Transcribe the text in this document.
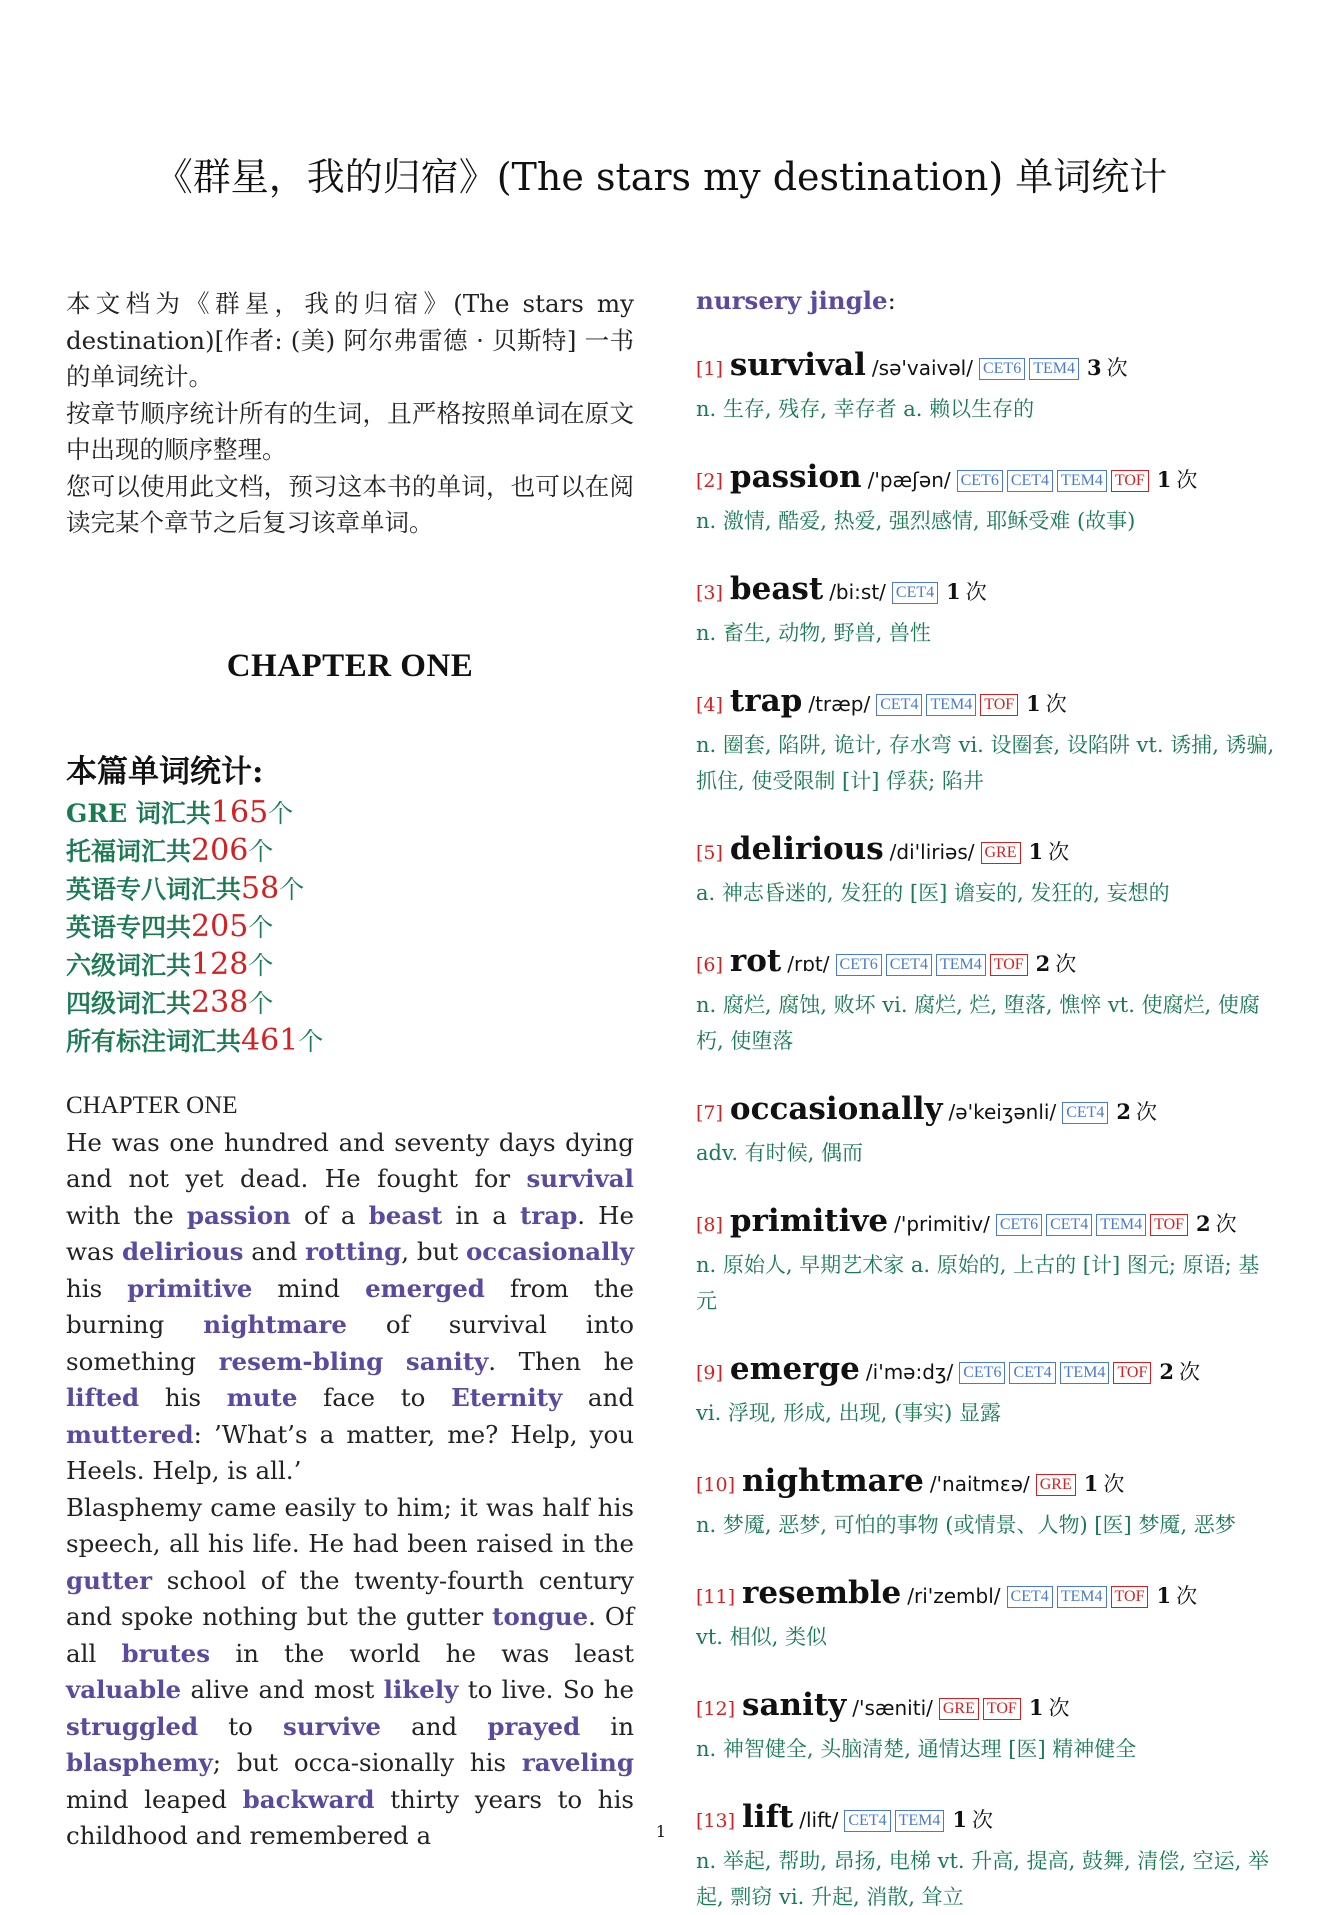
《群星，我的归宿》(The stars my destination) 单词统计

本文档为《群星，我的归宿》(The stars my destination)[作者: (美) 阿尔弗雷德 · 贝斯特] 一书的单词统计。

按章节顺序统计所有的生词，且严格按照单词在原文中出现的顺序整理。

您可以使用此文档，预习这本书的单词，也可以在阅读完某个章节之后复习该章单词。

CHAPTER ONE
本篇单词统计:
GRE 词汇共165个
托福词汇共206个
英语专八词汇共58个
英语专四共205个
六级词汇共128个
四级词汇共238个
所有标注词汇共461个
CHAPTER ONE

He was one hundred and seventy days dying and not yet dead. He fought for survival with the passion of a beast in a trap. He was delirious and rotting, but occasionally his primitive mind emerged from the burning nightmare of survival into something resem-bling sanity. Then he lifted his mute face to Eternity and muttered: ’What’s a matter, me? Help, you Heels. Help, is all.’

Blasphemy came easily to him; it was half his speech, all his life. He had been raised in the gutter school of the twenty-fourth century and spoke nothing but the gutter tongue. Of all brutes in the world he was least valuable alive and most likely to live. So he struggled to survive and prayed in blasphemy; but occa-sionally his raveling mind leaped backward thirty years to his childhood and remembered a

nursery jingle:
[1] survival /sə'vaivəl/ CET6 TEM4 3 次
n. 生存, 残存, 幸存者 a. 赖以生存的
[2] passion /'pæʃən/ CET6 CET4 TEM4 TOF 1 次
n. 激情, 酷爱, 热爱, 强烈感情, 耶稣受难 (故事)
[3] beast /bi:st/ CET4 1 次
n. 畜生, 动物, 野兽, 兽性
[4] trap /træp/ CET4 TEM4 TOF 1 次
n. 圈套, 陷阱, 诡计, 存水弯 vi. 设圈套, 设陷阱 vt. 诱捕, 诱骗, 抓住, 使受限制 [计] 俘获; 陷井
[5] delirious /di'liriəs/ GRE 1 次
a. 神志昏迷的, 发狂的 [医] 谵妄的, 发狂的, 妄想的
[6] rot /rɒt/ CET6 CET4 TEM4 TOF 2 次
n. 腐烂, 腐蚀, 败坏 vi. 腐烂, 烂, 堕落, 憔悴 vt. 使腐烂, 使腐朽, 使堕落
[7] occasionally /ə'keiʒənli/ CET4 2 次
adv. 有时候, 偶而
[8] primitive /'primitiv/ CET6 CET4 TEM4 TOF 2 次
n. 原始人, 早期艺术家 a. 原始的, 上古的 [计] 图元; 原语; 基元
[9] emerge /i'mə:dʒ/ CET6 CET4 TEM4 TOF 2 次
vi. 浮现, 形成, 出现, (事实) 显露
[10] nightmare /'naitmɛə/ GRE 1 次
n. 梦魇, 恶梦, 可怕的事物 (或情景、人物) [医] 梦魇, 恶梦
[11] resemble /ri'zembl/ CET4 TEM4 TOF 1 次
vt. 相似, 类似
[12] sanity /'sæniti/ GRE TOF 1 次
n. 神智健全, 头脑清楚, 通情达理 [医] 精神健全
[13] lift /lift/ CET4 TEM4 1 次
n. 举起, 帮助, 昂扬, 电梯 vt. 升高, 提高, 鼓舞, 清偿, 空运, 举起, 剽窃 vi. 升起, 消散, 耸立
1
